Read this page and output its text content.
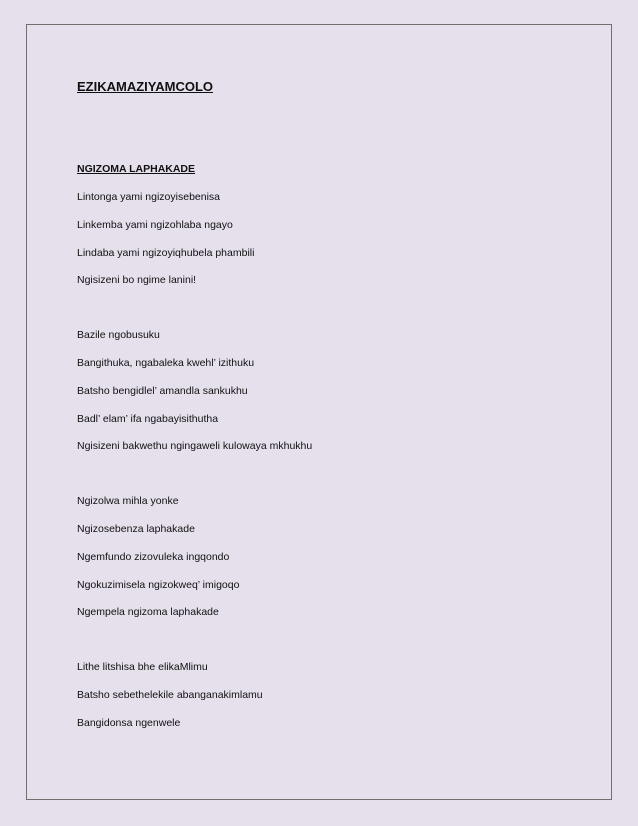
EZIKAMAZIYAMCOLO
NGIZOMA LAPHAKADE
Lintonga yami ngizoyisebenisa
Linkemba yami ngizohlaba ngayo
Lindaba yami ngizoyiqhubela phambili
Ngisizeni bo ngime lanini!
Bazile ngobusuku
Bangithuka, ngabaleka kwehl’ izithuku
Batsho bengidlel’ amandla sankukhu
Badl’ elam’ ifa ngabayisithutha
Ngisizeni bakwethu ngingaweli kulowaya mkhukhu
Ngizolwa mihla yonke
Ngizosebenza laphakade
Ngemfundo zizovuleka ingqondo
Ngokuzimisela ngizokweq’ imigoqo
Ngempela ngizoma laphakade
Lithe litshisa bhe elikaMlimu
Batsho sebethelekile abanganakimlamu
Bangidonsa ngenwele
